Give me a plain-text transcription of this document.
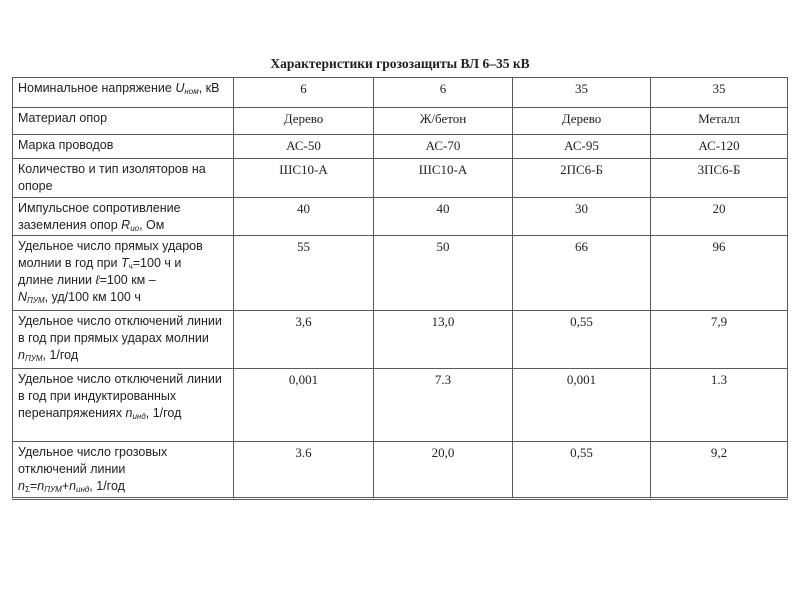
Характеристики грозозащиты ВЛ 6–35 кВ
Номинальное напряжение $U_{ном}$, кВ	6	6	35	35
Материал опор	Дерево	Ж/бетон	Дерево	Металл
Марка проводов	АС-50	АС-70	АС-95	АС-120
Количество и тип изоляторов на опоре	ШС10-А	ШС10-А	2ПС6-Б	3ПС6-Б
Импульсное сопротивление заземления опор $R_{ио}$, Ом	40	40	30	20
Удельное число прямых ударов
молнии в год при $T_ч=100$ ч и
длине линии ℓ=100 км –
$N_{ПУМ}$, уд/100 км 100 ч	55	50	66	96
Удельное число отключений линии в год при прямых ударах молнии $n_{ПУМ}$, 1/год	3,6	13,0	0,55	7,9
Удельное число отключений линии в год при индуктированных перенапряжениях $n_{инд}$, 1/год	0,001	7.3	0,001	1.3
Удельное число грозовых отключений линии
$n_\Sigma=n_{ПУМ}+n_{инд}$, 1/год	3.6	20,0	0,55	9,2
